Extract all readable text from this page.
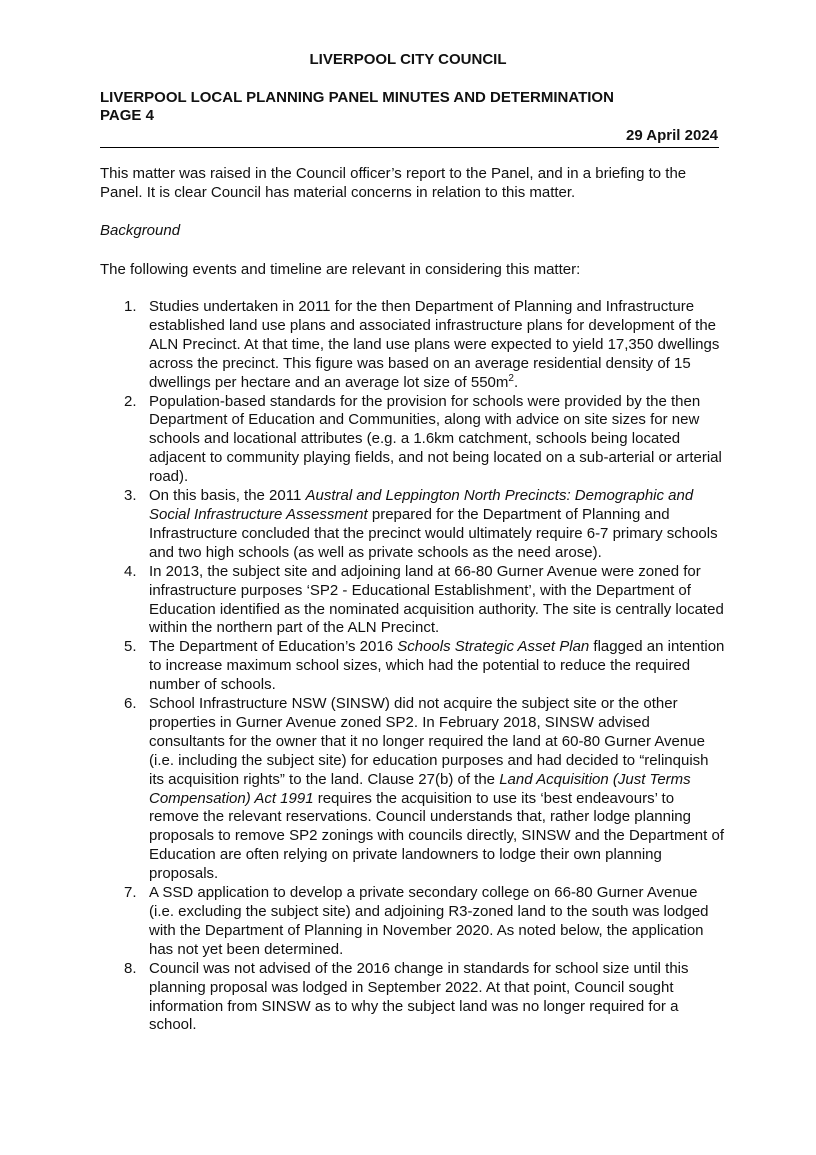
LIVERPOOL CITY COUNCIL
LIVERPOOL LOCAL PLANNING PANEL MINUTES AND DETERMINATION
PAGE 4
29 April 2024
This matter was raised in the Council officer’s report to the Panel, and in a briefing to the Panel. It is clear Council has material concerns in relation to this matter.
Background
The following events and timeline are relevant in considering this matter:
1. Studies undertaken in 2011 for the then Department of Planning and Infrastructure established land use plans and associated infrastructure plans for development of the ALN Precinct. At that time, the land use plans were expected to yield 17,350 dwellings across the precinct. This figure was based on an average residential density of 15 dwellings per hectare and an average lot size of $550m^2$.
2. Population-based standards for the provision for schools were provided by the then Department of Education and Communities, along with advice on site sizes for new schools and locational attributes (e.g. a 1.6km catchment, schools being located adjacent to community playing fields, and not being located on a sub-arterial or arterial road).
3. On this basis, the 2011 Austral and Leppington North Precincts: Demographic and Social Infrastructure Assessment prepared for the Department of Planning and Infrastructure concluded that the precinct would ultimately require 6-7 primary schools and two high schools (as well as private schools as the need arose).
4. In 2013, the subject site and adjoining land at 66-80 Gurner Avenue were zoned for infrastructure purposes ‘SP2 - Educational Establishment’, with the Department of Education identified as the nominated acquisition authority. The site is centrally located within the northern part of the ALN Precinct.
5. The Department of Education’s 2016 Schools Strategic Asset Plan flagged an intention to increase maximum school sizes, which had the potential to reduce the required number of schools.
6. School Infrastructure NSW (SINSW) did not acquire the subject site or the other properties in Gurner Avenue zoned SP2. In February 2018, SINSW advised consultants for the owner that it no longer required the land at 60-80 Gurner Avenue (i.e. including the subject site) for education purposes and had decided to “relinquish its acquisition rights” to the land. Clause 27(b) of the Land Acquisition (Just Terms Compensation) Act 1991 requires the acquisition to use its ‘best endeavours’ to remove the relevant reservations. Council understands that, rather lodge planning proposals to remove SP2 zonings with councils directly, SINSW and the Department of Education are often relying on private landowners to lodge their own planning proposals.
7. A SSD application to develop a private secondary college on 66-80 Gurner Avenue (i.e. excluding the subject site) and adjoining R3-zoned land to the south was lodged with the Department of Planning in November 2020. As noted below, the application has not yet been determined.
8. Council was not advised of the 2016 change in standards for school size until this planning proposal was lodged in September 2022. At that point, Council sought information from SINSW as to why the subject land was no longer required for a school.
